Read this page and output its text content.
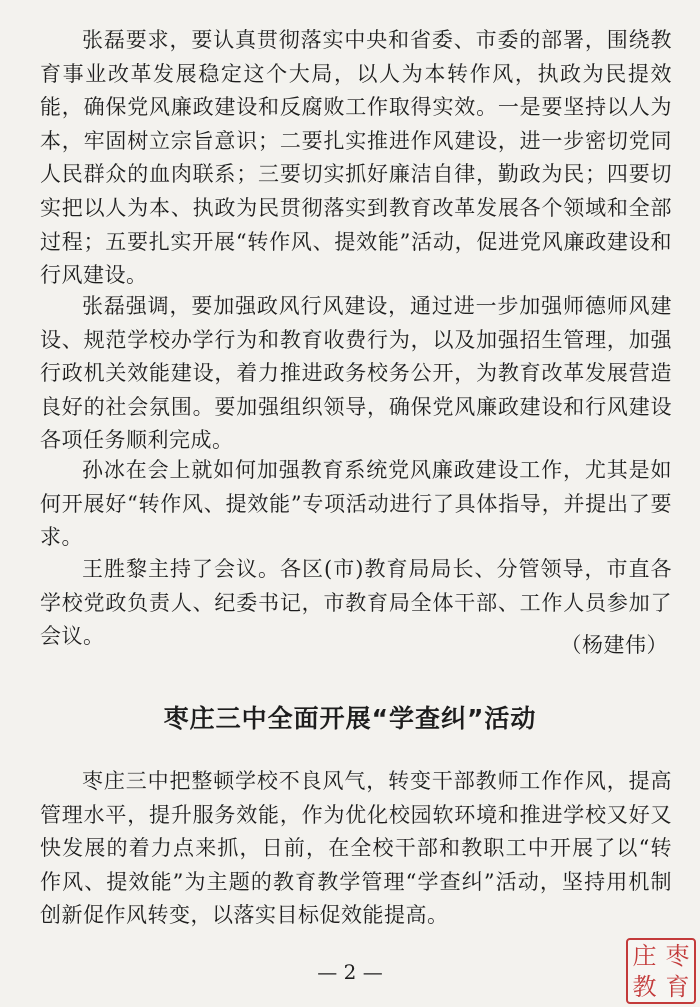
张磊要求，要认真贯彻落实中央和省委、市委的部署，围绕教育事业改革发展稳定这个大局，以人为本转作风，执政为民提效能，确保党风廉政建设和反腐败工作取得实效。一是要坚持以人为本，牢固树立宗旨意识；二要扎实推进作风建设，进一步密切党同人民群众的血肉联系；三要切实抓好廉洁自律，勤政为民；四要切实把以人为本、执政为民贯彻落实到教育改革发展各个领域和全部过程；五要扎实开展“转作风、提效能”活动，促进党风廉政建设和行风建设。

张磊强调，要加强政风行风建设，通过进一步加强师德师风建设、规范学校办学行为和教育收费行为，以及加强招生管理，加强行政机关效能建设，着力推进政务校务公开，为教育改革发展营造良好的社会氛围。要加强组织领导，确保党风廉政建设和行风建设各项任务顺利完成。

孙冰在会上就如何加强教育系统党风廉政建设工作，尤其是如何开展好“转作风、提效能”专项活动进行了具体指导，并提出了要求。

王胜黎主持了会议。各区(市)教育局局长、分管领导，市直各学校党政负责人、纪委书记，市教育局全体干部、工作人员参加了会议。	（杨建伟）

枣庄三中全面开展“学查纠”活动

枣庄三中把整顿学校不良风气，转变干部教师工作作风，提高管理水平，提升服务效能，作为优化校园软环境和推进学校又好又快发展的着力点来抓，日前，在全校干部和教职工中开展了以“转作风、提效能”为主题的教育教学管理“学查纠”活动，坚持用机制创新促作风转变，以落实目标促效能提高。

— 2 —

庄 枣
教 育
